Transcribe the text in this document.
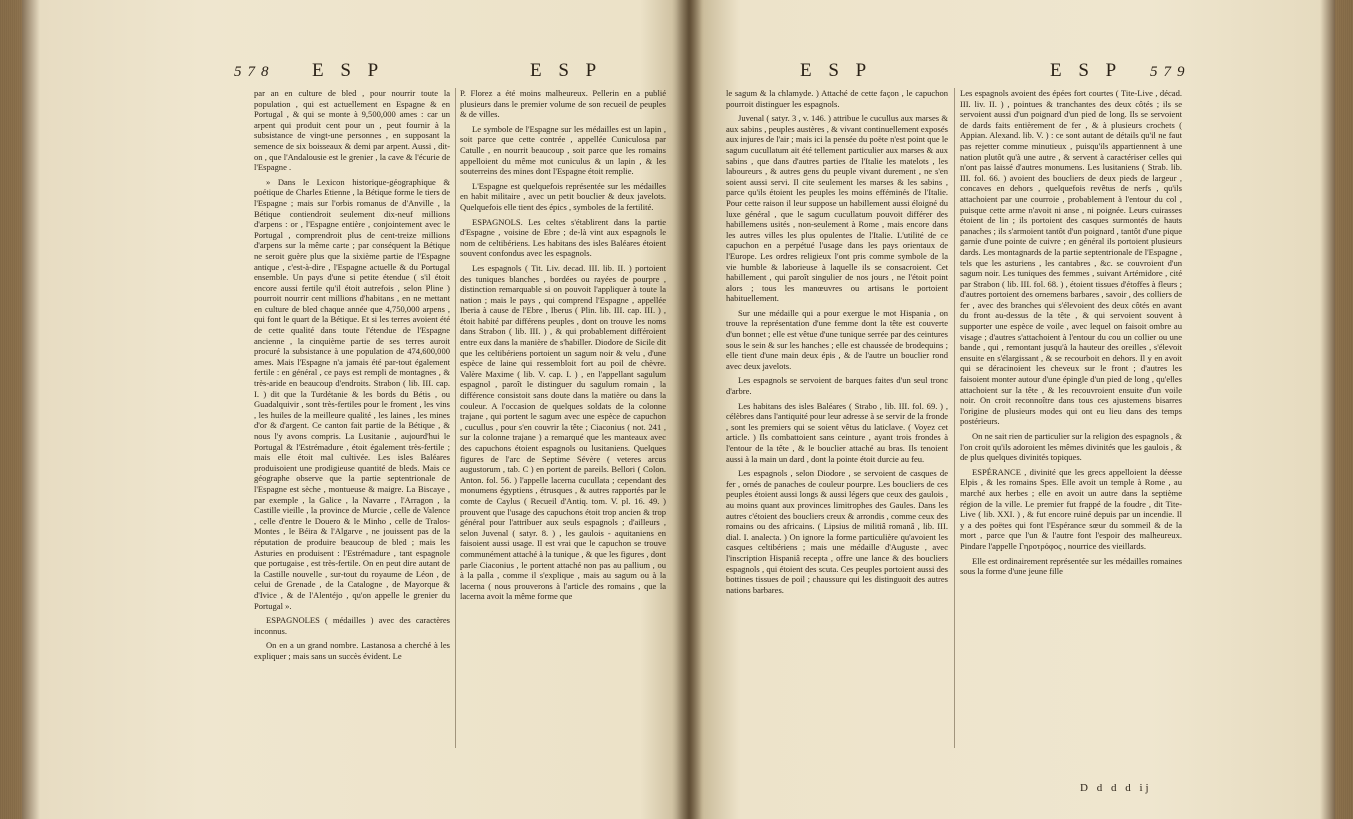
578 E S P	E S P	E S P	E S P 579

par an en culture de bled , pour nourrir toute la population , qui est actuellement en Espagne & en Portugal , & qui se monte à 9,500,000 ames : car un arpent qui produit cent pour un , peut fournir à la subsistance de vingt-une personnes , en supposant la semence de six boisseaux & demi par arpent. Aussi , dit-on , que l'Andalousie est le grenier , la cave & l'écurie de l'Espagne .

» Dans le Lexicon historique-géographique & poétique de Charles Etienne , la Bétique forme le tiers de l'Espagne ; mais sur l'orbis romanus de d'Anville , la Bétique contiendroit seulement dix-neuf millions d'arpens : or , l'Espagne entière , conjointement avec le Portugal , comprendroit plus de cent-treize millions d'arpens sur la même carte ; par conséquent la Bétique ne seroit guère plus que la sixième partie de l'Espagne antique , c'est-à-dire , l'Espagne actuelle & du Portugal ensemble. Un pays d'une si petite étendue ( s'il étoit encore aussi fertile qu'il étoit autrefois , selon Pline ) pourroit nourrir cent millions d'habitans , en ne mettant en culture de bled chaque année que 4,750,000 arpens , qui font le quart de la Bétique. Et si les terres avoient été de cette qualité dans toute l'étendue de l'Espagne ancienne , la cinquième partie de ses terres auroit procuré la subsistance à une population de 474,600,000 ames. Mais l'Espagne n'a jamais été par-tout également fertile : en général , ce pays est rempli de montagnes , & très-aride en beaucoup d'endroits. Strabon ( lib. III. cap. I. ) dit que la Turdétanie & les bords du Bétis , ou Guadalquivir , sont très-fertiles pour le froment , les vins , les huiles de la meilleure qualité , les laines , les mines d'or & d'argent. Ce canton fait partie de la Bétique , & nous l'y avons compris. La Lusitanie , aujourd'hui le Portugal & l'Estrémadure , étoit également très-fertile ; mais elle étoit mal cultivée. Les isles Baléares produisoient une prodigieuse quantité de bleds. Mais ce géographe observe que la partie septentrionale de l'Espagne est sèche , montueuse & maigre. La Biscaye , par exemple , la Galice , la Navarre , l'Arragon , la Castille vieille , la province de Murcie , celle de Valence , celle d'entre le Douero & le Minho , celle de Tralos-Montes , le Béira & l'Algarve , ne jouissent pas de la réputation de produire beaucoup de bled ; mais les Asturies en produisent : l'Estrémadure , tant espagnole que portugaise , est très-fertile. On en peut dire autant de la Castille nouvelle , sur-tout du royaume de Léon , de celui de Grenade , de la Catalogne , de Mayorque & d'Ivice , & de l'Alentéjo , qu'on appelle le grenier du Portugal ».

ESPAGNOLES ( médailles ) avec des caractères inconnus.

On en a un grand nombre. Lastanosa a cherché à les expliquer ; mais sans un succès évident. Le

P. Florez a été moins malheureux. Pellerin en a publié plusieurs dans le premier volume de son recueil de peuples & de villes.

Le symbole de l'Espagne sur les médailles est un lapin , soit parce que cette contrée , appellée Cuniculosa par Catulle , en nourrit beaucoup , soit parce que les romains appelloient du même mot cuniculus & un lapin , & les souterreins des mines dont l'Espagne étoit remplie.

L'Espagne est quelquefois représentée sur les médailles en habit militaire , avec un petit bouclier & deux javelots. Quelquefois elle tient des épics , symboles de la fertilité.

ESPAGNOLS. Les celtes s'établirent dans la partie d'Espagne , voisine de Ebre ; de-là vint aux espagnols le nom de celtibériens. Les habitans des isles Baléares étoient souvent confondus avec les espagnols.

Les espagnols ( Tit. Liv. decad. III. lib. II. ) portoient des tuniques blanches , bordées ou rayées de pourpre , distinction remarquable si on pouvoit l'appliquer à toute la nation ; mais le pays , qui comprend l'Espagne , appellée Iberia à cause de l'Ebre , Iberus ( Plin. lib. III. cap. III. ) , étoit habité par différens peuples , dont on trouve les noms dans Strabon ( lib. III. ) , & qui probablement différoient entre eux dans la manière de s'habiller. Diodore de Sicile dit que les celtibériens portoient un sagum noir & velu , d'une espèce de laine qui ressembloit fort au poil de chèvre. Valère Maxime ( lib. V. cap. I. ) , en l'appellant sagulum espagnol , paroît le distinguer du sagulum romain , la différence consistoit sans doute dans la matière ou dans la couleur. A l'occasion de quelques soldats de la colonne trajane , qui portent le sagum avec une espèce de capuchon , cucullus , pour s'en couvrir la tête ; Ciaconius ( not. 241 , sur la colonne trajane ) a remarqué que les manteaux avec des capuchons étoient espagnols ou lusitaniens. Quelques figures de l'arc de Septime Sévère ( veteres arcus augustorum , tab. C ) en portent de pareils. Bellori ( Colon. Anton. fol. 56. ) l'appelle lacerna cucullata ; cependant des monumens égyptiens , étrusques , & autres rapportés par le comte de Caylus ( Recueil d'Antiq. tom. V. pl. 16. 49. ) prouvent que l'usage des capuchons étoit trop ancien & trop général pour l'attribuer aux seuls espagnols ; d'ailleurs , selon Juvenal ( satyr. 8. ) , les gaulois - aquitaniens en faisoient aussi usage. Il est vrai que le capuchon se trouve communément attaché à la tunique , & que les figures , dont parle Ciaconius , le portent attaché non pas au pallium , ou à la palla , comme il s'explique , mais au sagum ou à la lacerna ( nous prouverons à l'article des romains , que la lacerna avoit la même forme que

le sagum & la chlamyde. ) Attaché de cette façon , le capuchon pourroit distinguer les espagnols.

Juvenal ( satyr. 3 , v. 146. ) attribue le cucullus aux marses & aux sabins , peuples austères , & vivant continuellement exposés aux injures de l'air ; mais ici la pensée du poëte n'est point que le sagum cucullatum ait été tellement particulier aux marses & aux sabins , que dans d'autres parties de l'Italie les matelots , les laboureurs , & autres gens du peuple vivant durement , ne s'en soient aussi servi. Il cite seulement les marses & les sabins , parce qu'ils étoient les peuples les moins efféminés de l'Italie. Pour cette raison il leur suppose un habillement aussi éloigné du luxe général , que le sagum cucullatum pouvoit différer des habillemens usités , non-seulement à Rome , mais encore dans les autres villes les plus opulentes de l'Italie. L'utilité de ce capuchon en a perpétué l'usage dans les pays orientaux de l'Europe. Les ordres religieux l'ont pris comme symbole de la vie humble & laborieuse à laquelle ils se consacroient. Cet habillement , qui paroît singulier de nos jours , ne l'étoit point alors ; tous les manœuvres ou artisans le portoient habituellement.

Sur une médaille qui a pour exergue le mot Hispania , on trouve la représentation d'une femme dont la tête est couverte d'un bonnet ; elle est vêtue d'une tunique serrée par des ceintures sous le sein & sur les hanches ; elle est chaussée de brodequins ; elle tient d'une main deux épis , & de l'autre un bouclier rond avec deux javelots.

Les espagnols se servoient de barques faites d'un seul tronc d'arbre.

Les habitans des isles Baléares ( Strabo , lib. III. fol. 69. ) , célèbres dans l'antiquité pour leur adresse à se servir de la fronde , sont les premiers qui se soient vêtus du laticlave. ( Voyez cet article. ) Ils combattoient sans ceinture , ayant trois frondes à l'entour de la tête , & le bouclier attaché au bras. Ils tenoient aussi à la main un dard , dont la pointe étoit durcie au feu.

Les espagnols , selon Diodore , se servoient de casques de fer , ornés de panaches de couleur pourpre. Les boucliers de ces peuples étoient aussi longs & aussi légers que ceux des gaulois , au moins quant aux provinces limitrophes des Gaules. Dans les autres c'étoient des boucliers creux & arrondis , comme ceux des romains ou des africains. ( Lipsius de militiâ romanâ , lib. III. dial. I. analecta. ) On ignore la forme particulière qu'avoient les casques celtibériens ; mais une médaille d'Auguste , avec l'inscription Hispaniâ recepta , offre une lance & des boucliers espagnols , qui étoient des scuta. Ces peuples portoient aussi des bottines tissues de poil ; chaussure qui les distinguoit des autres nations barbares.

Les espagnols avoient des épées fort courtes ( Tite-Live , décad. III. liv. II. ) , pointues & tranchantes des deux côtés ; ils se servoient aussi d'un poignard d'un pied de long. Ils se servoient de dards faits entièrement de fer , & à plusieurs crochets ( Appian. Alexand. lib. V. ) : ce sont autant de détails qu'il ne faut pas rejetter comme minutieux , puisqu'ils appartiennent à une nation plutôt qu'à une autre , & servent à caractériser celles qui n'ont pas laissé d'autres monumens. Les lusitaniens ( Strab. lib. III. fol. 66. ) avoient des boucliers de deux pieds de largeur , concaves en dehors , quelquefois revêtus de nerfs , qu'ils attachoient par une courroie , probablement à l'entour du col , puisque cette arme n'avoit ni anse , ni poignée. Leurs cuirasses étoient de lin ; ils portoient des casques surmontés de hauts panaches ; ils s'armoient tantôt d'un poignard , tantôt d'une pique garnie d'une pointe de cuivre ; en général ils portoient plusieurs dards. Les montagnards de la partie septentrionale de l'Espagne , tels que les asturiens , les cantabres , &c. se couvroient d'un sagum noir. Les tuniques des femmes , suivant Artémidore , cité par Strabon ( lib. III. fol. 68. ) , étoient tissues d'étoffes à fleurs ; d'autres portoient des ornemens barbares , savoir , des colliers de fer , avec des branches qui s'élevoient des deux côtés en avant du front au-dessus de la tête , & qui servoient souvent à supporter une espèce de voile , avec lequel on faisoit ombre au visage ; d'autres s'attachoient à l'entour du cou un collier ou une bande , qui , remontant jusqu'à la hauteur des oreilles , s'élevoit ensuite en s'élargissant , & se recourboit en dehors. Il y en avoit qui se déracinoient les cheveux sur le front ; d'autres les faisoient monter autour d'une épingle d'un pied de long , qu'elles attachoient sur la tête , & les recouvroient ensuite d'un voile noir. On croit reconnoître dans tous ces ajustemens bisarres l'origine de plusieurs modes qui ont eu lieu dans des temps postérieurs.

On ne sait rien de particulier sur la religion des espagnols , & l'on croit qu'ils adoroient les mêmes divinités que les gaulois , & de plus quelques divinités topiques.

ESPÉRANCE , divinité que les grecs appelloient la déesse Elpis , & les romains Spes. Elle avoit un temple à Rome , au marché aux herbes ; elle en avoit un autre dans la septième région de la ville. Le premier fut frappé de la foudre , dit Tite-Live ( lib. XXI. ) , & fut encore ruiné depuis par un incendie. Il y a des poëtes qui font l'Espérance sœur du sommeil & de la mort , parce que l'un & l'autre font l'espoir des malheureux. Pindare l'appelle Γηροτρόφος , nourrice des vieillards.

Elle est ordinairement représentée sur les médailles romaines sous la forme d'une jeune fille

D d d d ij
